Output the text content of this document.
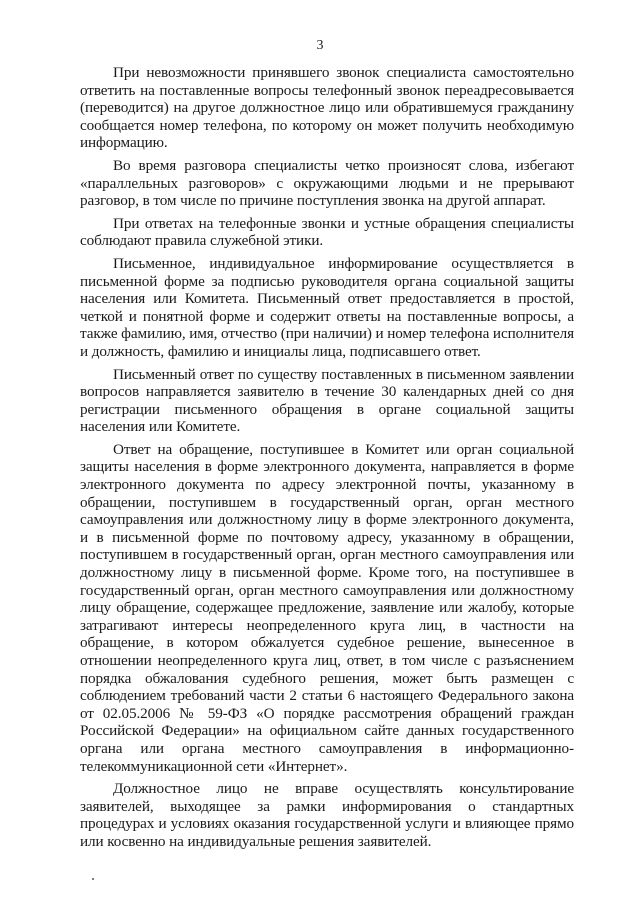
3

При невозможности принявшего звонок специалиста самостоятельно ответить на поставленные вопросы телефонный звонок переадресовывается (переводится) на другое должностное лицо или обратившемуся гражданину сообщается номер телефона, по которому он может получить необходимую информацию.

Во время разговора специалисты четко произносят слова, избегают «параллельных разговоров» с окружающими людьми и не прерывают разговор, в том числе по причине поступления звонка на другой аппарат.

При ответах на телефонные звонки и устные обращения специалисты соблюдают правила служебной этики.

Письменное, индивидуальное информирование осуществляется в письменной форме за подписью руководителя органа социальной защиты населения или Комитета. Письменный ответ предоставляется в простой, четкой и понятной форме и содержит ответы на поставленные вопросы, а также фамилию, имя, отчество (при наличии) и номер телефона исполнителя и должность, фамилию и инициалы лица, подписавшего ответ.

Письменный ответ по существу поставленных в письменном заявлении вопросов направляется заявителю в течение 30 календарных дней со дня регистрации письменного обращения в органе социальной защиты населения или Комитете.

Ответ на обращение, поступившее в Комитет или орган социальной защиты населения в форме электронного документа, направляется в форме электронного документа по адресу электронной почты, указанному в обращении, поступившем в государственный орган, орган местного самоуправления или должностному лицу в форме электронного документа, и в письменной форме по почтовому адресу, указанному в обращении, поступившем в государственный орган, орган местного самоуправления или должностному лицу в письменной форме. Кроме того, на поступившее в государственный орган, орган местного самоуправления или должностному лицу обращение, содержащее предложение, заявление или жалобу, которые затрагивают интересы неопределенного круга лиц, в частности на обращение, в котором обжалуется судебное решение, вынесенное в отношении неопределенного круга лиц, ответ, в том числе с разъяснением порядка обжалования судебного решения, может быть размещен с соблюдением требований части 2 статьи 6 настоящего Федерального закона от 02.05.2006 № 59-ФЗ «О порядке рассмотрения обращений граждан Российской Федерации» на официальном сайте данных государственного органа или органа местного самоуправления в информационно-телекоммуникационной сети «Интернет».

Должностное лицо не вправе осуществлять консультирование заявителей, выходящее за рамки информирования о стандартных процедурах и условиях оказания государственной услуги и влияющее прямо или косвенно на индивидуальные решения заявителей.
